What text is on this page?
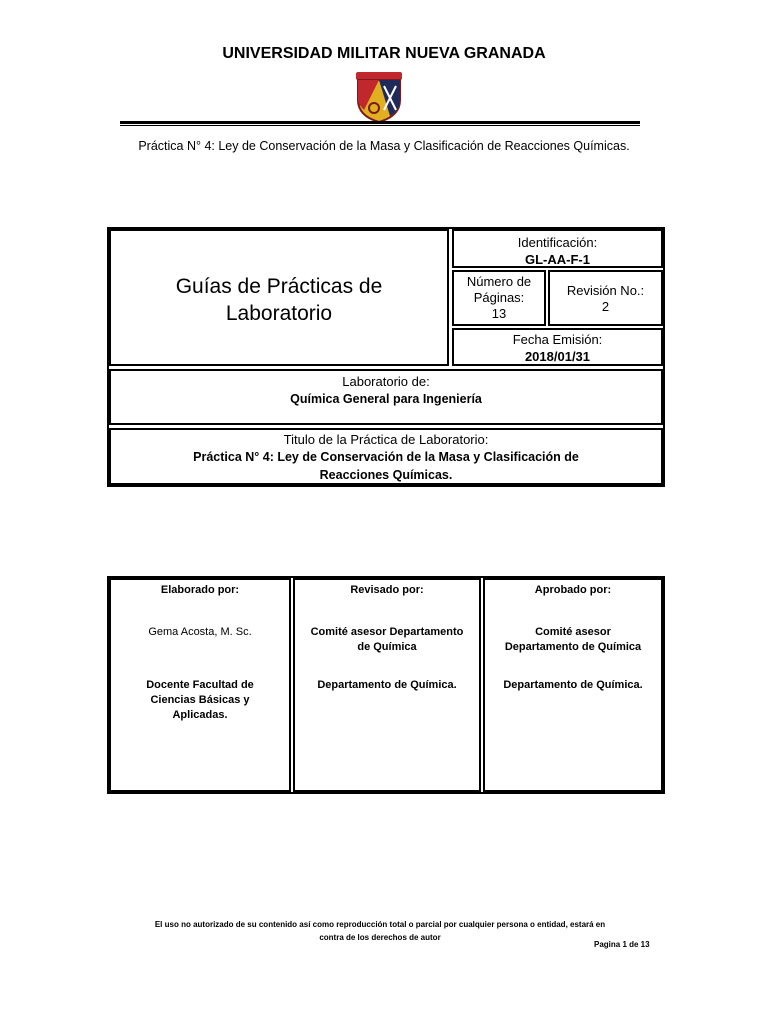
UNIVERSIDAD MILITAR NUEVA GRANADA
Práctica N° 4: Ley de Conservación de la Masa y Clasificación de Reacciones Químicas.
Guías de Prácticas de
Laboratorio
Identificación:
GL-AA-F-1
Número de
Páginas:
13
Revisión No.:
2
Fecha Emisión:
2018/01/31
Laboratorio de:
Química General para Ingeniería
Titulo de la Práctica de Laboratorio:
Práctica N° 4: Ley de Conservación de la Masa y Clasificación de
Reacciones Químicas.
Elaborado por:
Gema Acosta, M. Sc.
Docente Facultad de
Ciencias Básicas y
Aplicadas.
Revisado por:
Comité asesor Departamento
de Química
Departamento de Química.
Aprobado por:
Comité asesor
Departamento de Química
Departamento de Química.
El uso no autorizado de su contenido así como reproducción total o parcial por cualquier persona o entidad, estará en
contra de los derechos de autor
Pagina 1 de 13
